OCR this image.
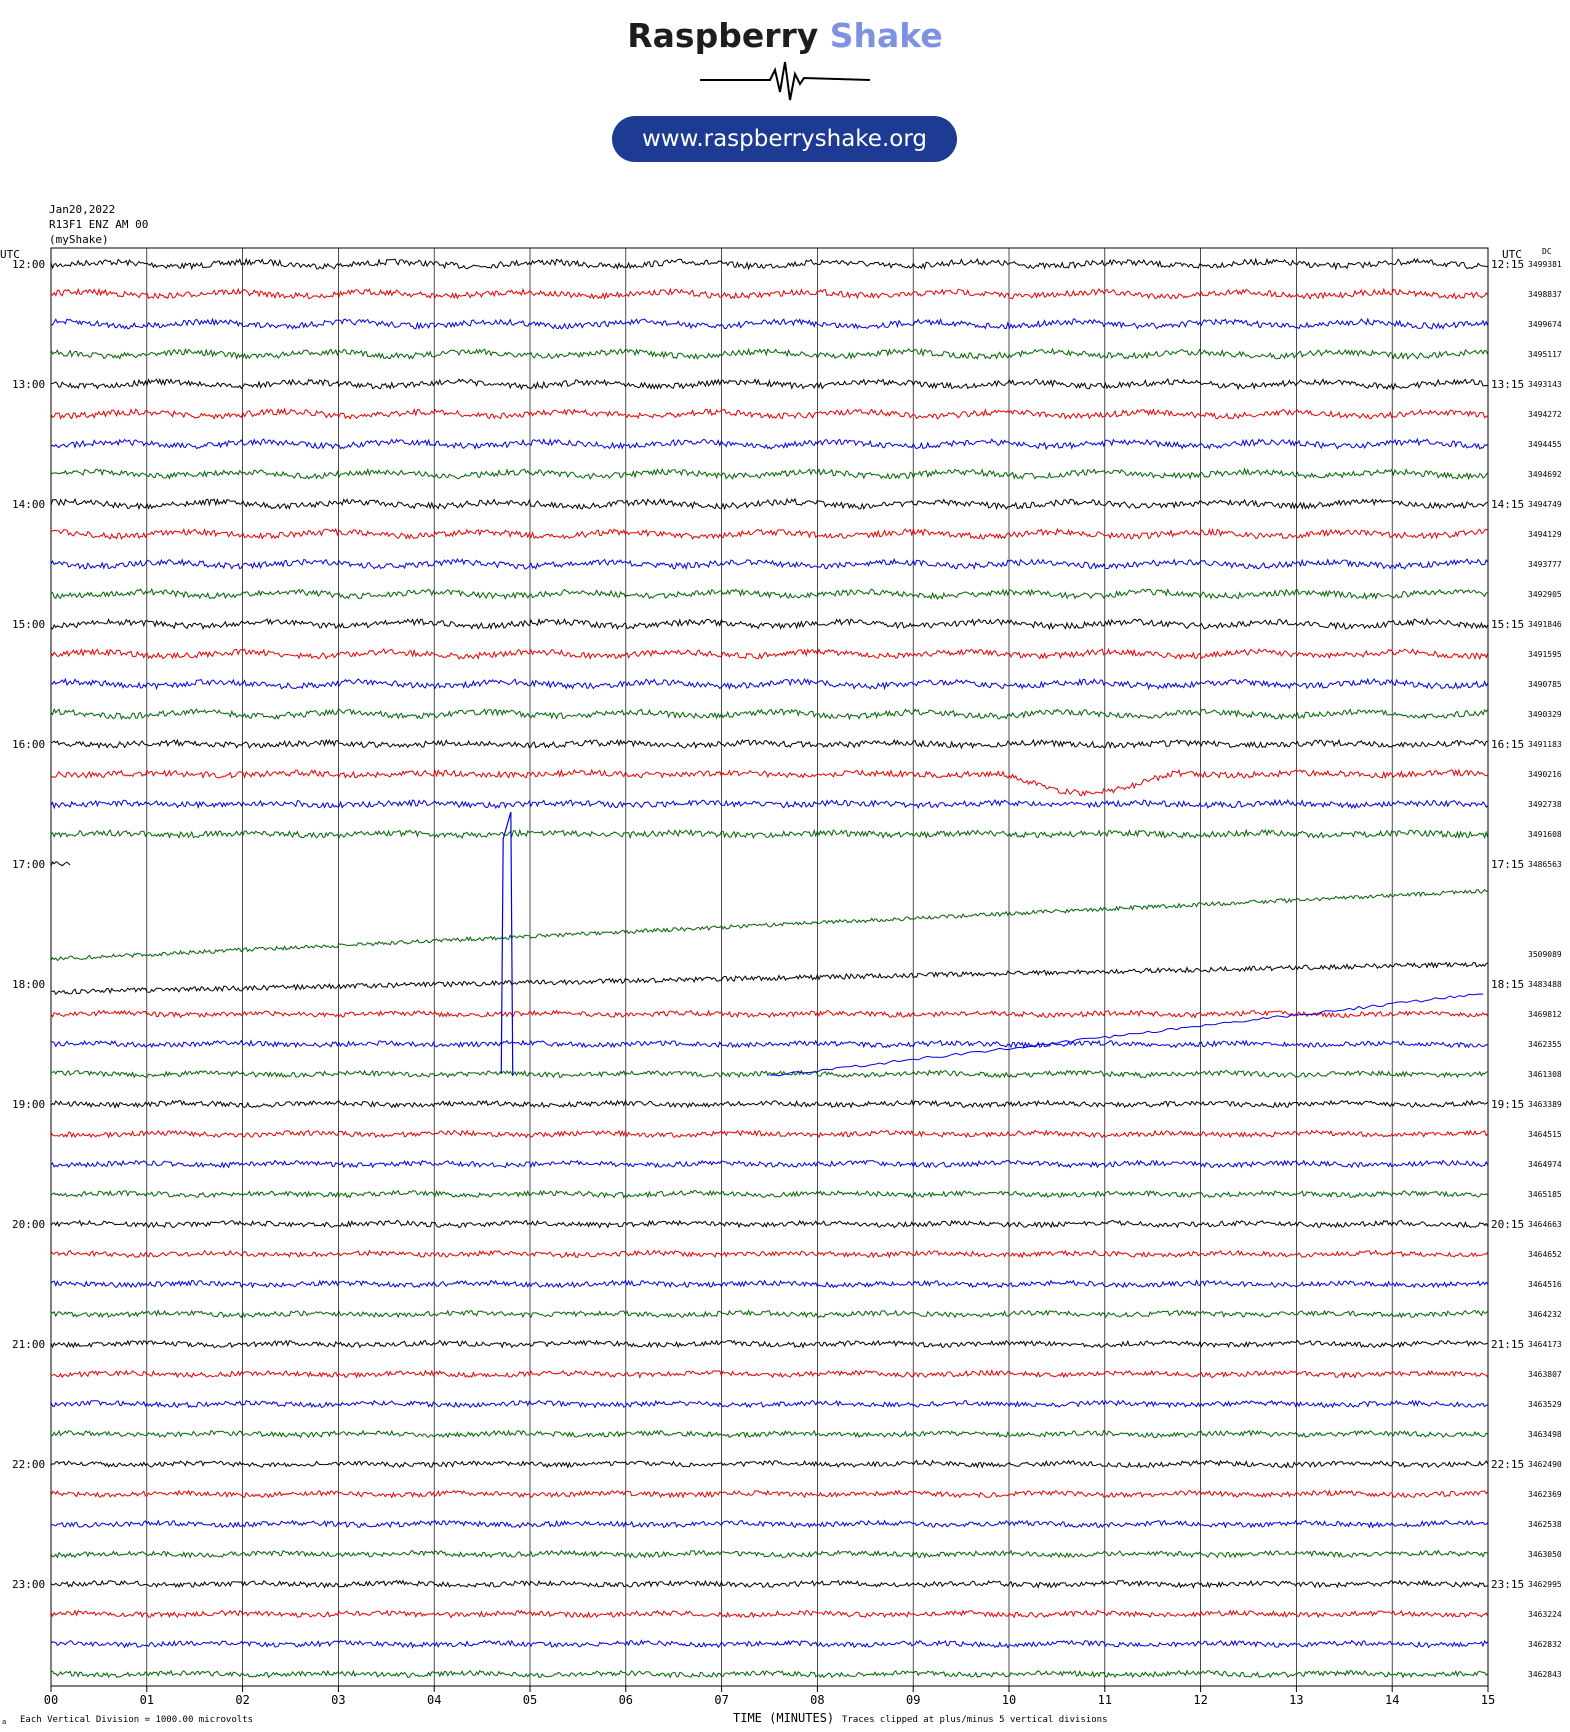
Raspberry Shake
www.raspberryshake.org
Jan20,2022
R13F1 ENZ AM 00
(myShake)
00	01	02	03	04	05	06	07	08	09	10	11	12	13	14	15
UTC	UTC	DC
12:00
13:00
14:00
15:00
16:00
17:00
18:00
19:00
20:00
21:00
22:00
23:00
12:15
13:15
14:15
15:15
16:15
17:15
18:15
19:15
20:15
21:15
22:15
23:15
3499381
3498837
3499674
3495117
3493143
3494272
3494455
3494692
3494749
3494129
3493777
3492905
3491846
3491595
3490785
3490329
3491183
3490216
3492738
3491608
3486563
3509089
3483488
3469812
3462355
3461308
3463389
3464515
3464974
3465185
3464663
3464652
3464516
3464232
3464173
3463807
3463529
3463498
3462490
3462369
3462538
3463050
3462995
3463224
3462832
3462843
a Each Vertical Division = 1000.00 microvolts	TIME (MINUTES) Traces clipped at plus/minus 5 vertical divisions
